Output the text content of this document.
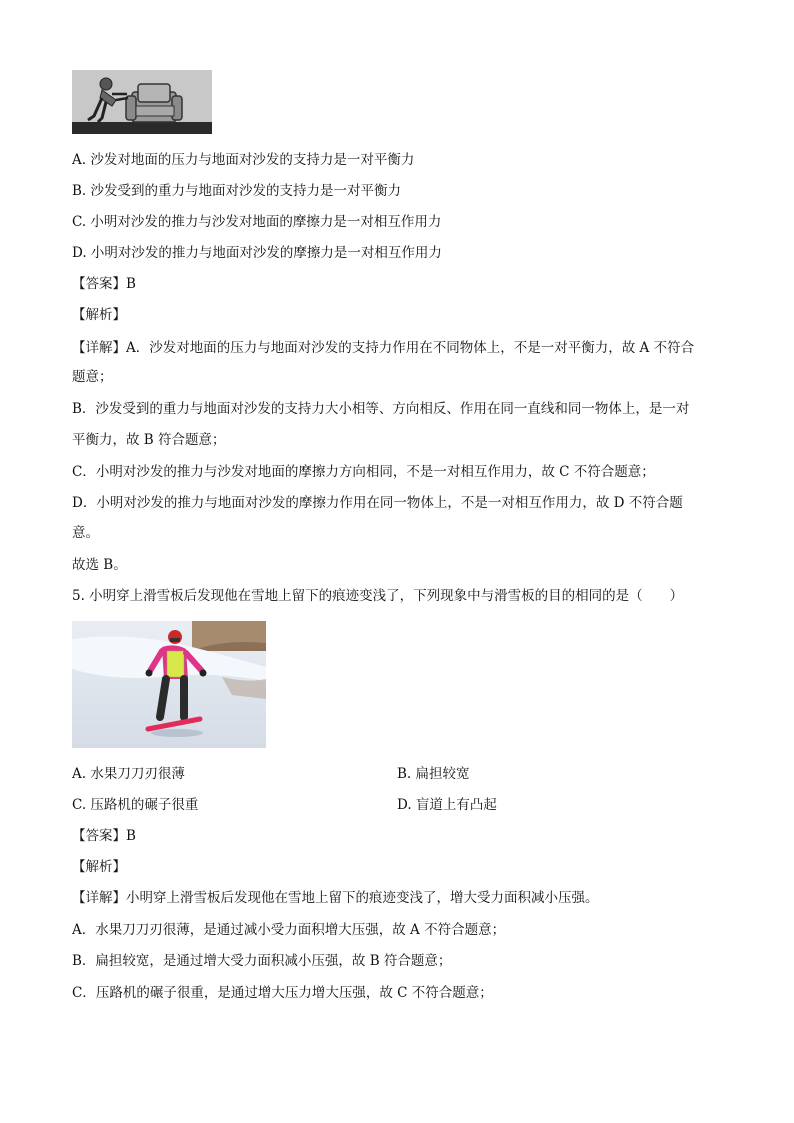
A. 沙发对地面的压力与地面对沙发的支持力是一对平衡力
B. 沙发受到的重力与地面对沙发的支持力是一对平衡力
C. 小明对沙发的推力与沙发对地面的摩擦力是一对相互作用力
D. 小明对沙发的推力与地面对沙发的摩擦力是一对相互作用力
【答案】B
【解析】
【详解】A．沙发对地面的压力与地面对沙发的支持力作用在不同物体上，不是一对平衡力，故 A 不符合
题意；
B．沙发受到的重力与地面对沙发的支持力大小相等、方向相反、作用在同一直线和同一物体上，是一对
平衡力，故 B 符合题意；
C．小明对沙发的推力与沙发对地面的摩擦力方向相同，不是一对相互作用力，故 C 不符合题意；
D．小明对沙发的推力与地面对沙发的摩擦力作用在同一物体上，不是一对相互作用力，故 D 不符合题
意。
故选 B。
5. 小明穿上滑雪板后发现他在雪地上留下的痕迹变浅了，下列现象中与滑雪板的目的相同的是（　　）
A. 水果刀刀刃很薄	B. 扁担较宽
C. 压路机的碾子很重	D. 盲道上有凸起
【答案】B
【解析】
【详解】小明穿上滑雪板后发现他在雪地上留下的痕迹变浅了，增大受力面积减小压强。
A．水果刀刀刃很薄，是通过减小受力面积增大压强，故 A 不符合题意；
B．扁担较宽，是通过增大受力面积减小压强，故 B 符合题意；
C．压路机的碾子很重，是通过增大压力增大压强，故 C 不符合题意；
